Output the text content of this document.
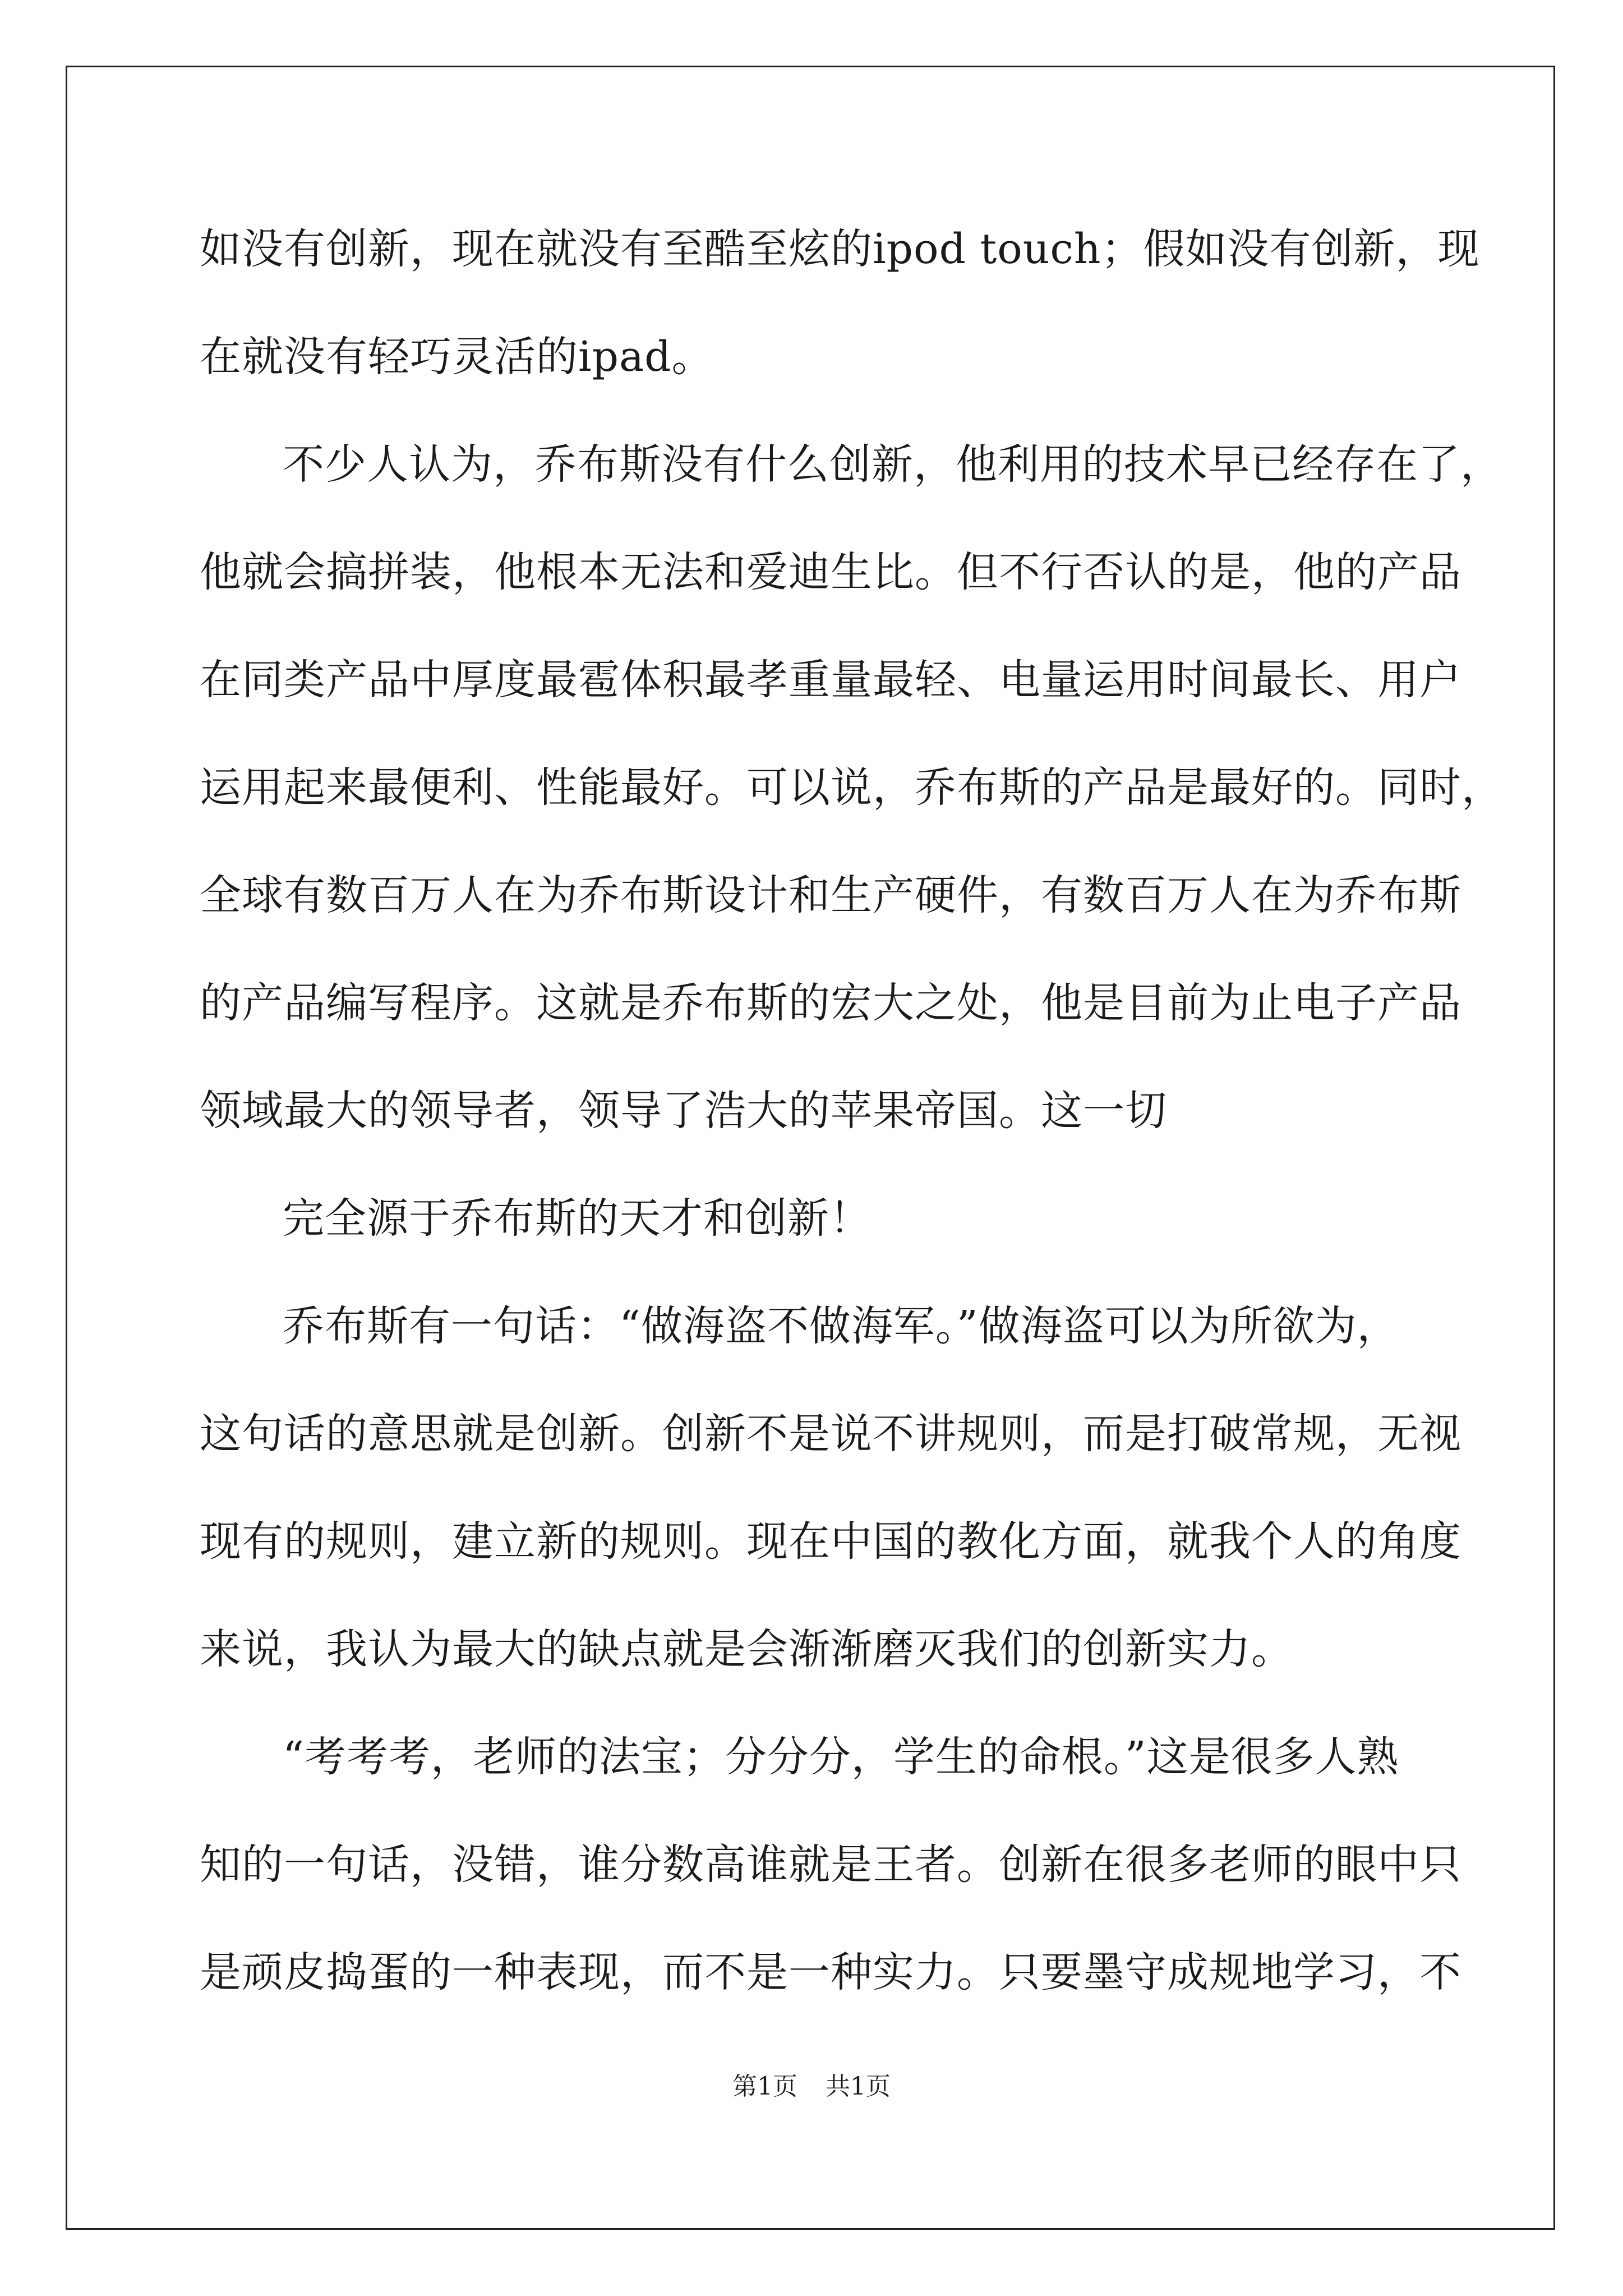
如没有创新，现在就没有至酷至炫的ipod touch；假如没有创新，现
在就没有轻巧灵活的ipad。
不少人认为，乔布斯没有什么创新，他利用的技术早已经存在了，
他就会搞拼装，他根本无法和爱迪生比。但不行否认的是，他的产品
在同类产品中厚度最雹体积最孝重量最轻、电量运用时间最长、用户
运用起来最便利、性能最好。可以说，乔布斯的产品是最好的。同时，
全球有数百万人在为乔布斯设计和生产硬件，有数百万人在为乔布斯
的产品编写程序。这就是乔布斯的宏大之处，他是目前为止电子产品
领域最大的领导者，领导了浩大的苹果帝国。这一切
完全源于乔布斯的天才和创新！
乔布斯有一句话：“做海盗不做海军。”做海盗可以为所欲为，
这句话的意思就是创新。创新不是说不讲规则，而是打破常规，无视
现有的规则，建立新的规则。现在中国的教化方面，就我个人的角度
来说，我认为最大的缺点就是会渐渐磨灭我们的创新实力。
“考考考，老师的法宝；分分分，学生的命根。”这是很多人熟
知的一句话，没错，谁分数高谁就是王者。创新在很多老师的眼中只
是顽皮捣蛋的一种表现，而不是一种实力。只要墨守成规地学习，不
第1页 共1页
